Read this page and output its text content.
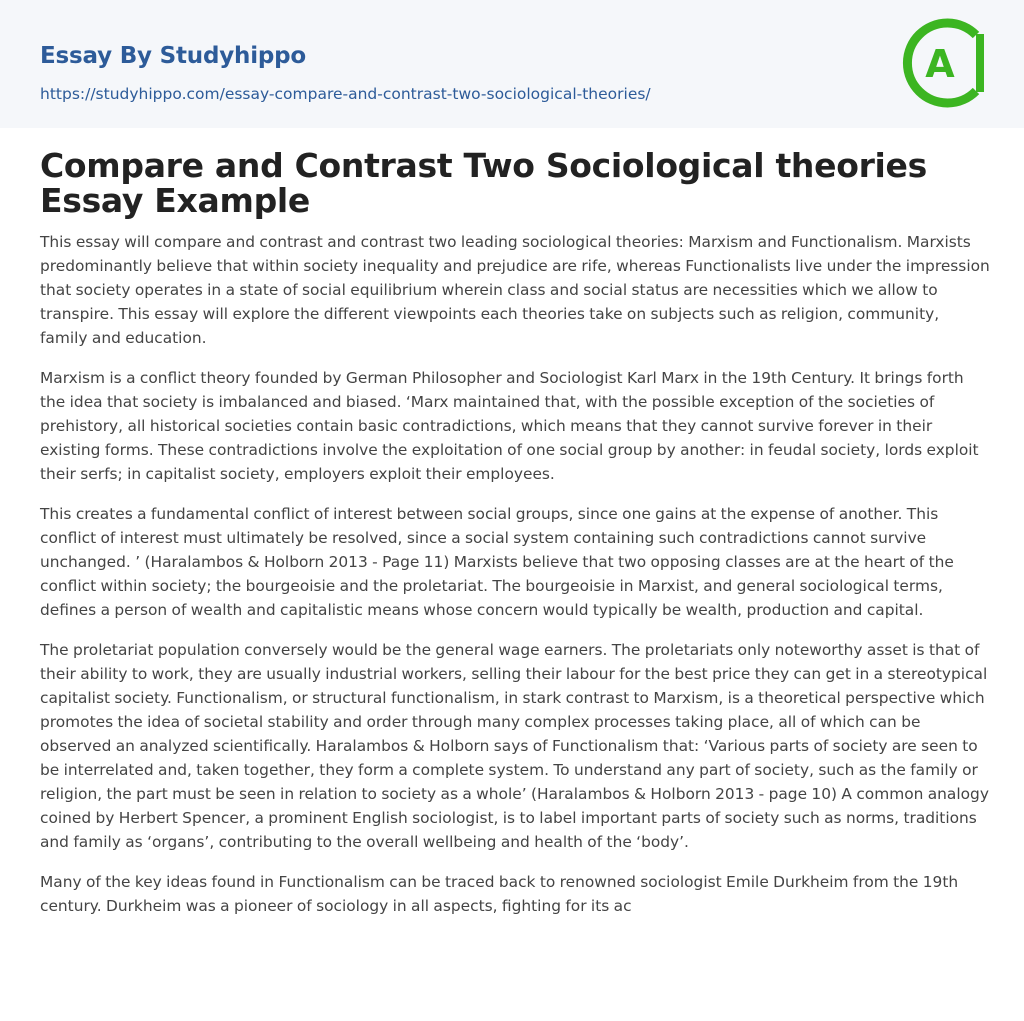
Essay By Studyhippo
https://studyhippo.com/essay-compare-and-contrast-two-sociological-theories/
A
Compare and Contrast Two Sociological theories Essay Example

This essay will compare and contrast and contrast two leading sociological theories: Marxism and Functionalism. Marxists predominantly believe that within society inequality and prejudice are rife, whereas Functionalists live under the impression that society operates in a state of social equilibrium wherein class and social status are necessities which we allow to transpire. This essay will explore the different viewpoints each theories take on subjects such as religion, community, family and education.

Marxism is a conflict theory founded by German Philosopher and Sociologist Karl Marx in the 19th Century. It brings forth the idea that society is imbalanced and biased. ‘Marx maintained that, with the possible exception of the societies of prehistory, all historical societies contain basic contradictions, which means that they cannot survive forever in their existing forms. These contradictions involve the exploitation of one social group by another: in feudal society, lords exploit their serfs; in capitalist society, employers exploit their employees.

This creates a fundamental conflict of interest between social groups, since one gains at the expense of another. This conflict of interest must ultimately be resolved, since a social system containing such contradictions cannot survive unchanged. ’ (Haralambos & Holborn 2013 - Page 11) Marxists believe that two opposing classes are at the heart of the conflict within society; the bourgeoisie and the proletariat. The bourgeoisie in Marxist, and general sociological terms, defines a person of wealth and capitalistic means whose concern would typically be wealth, production and capital.

The proletariat population conversely would be the general wage earners. The proletariats only noteworthy asset is that of their ability to work, they are usually industrial workers, selling their labour for the best price they can get in a stereotypical capitalist society. Functionalism, or structural functionalism, in stark contrast to Marxism, is a theoretical perspective which promotes the idea of societal stability and order through many complex processes taking place, all of which can be observed an analyzed scientifically. Haralambos & Holborn says of Functionalism that: ‘Various parts of society are seen to be interrelated and, taken together, they form a complete system. To understand any part of society, such as the family or religion, the part must be seen in relation to society as a whole’ (Haralambos & Holborn 2013 - page 10) A common analogy coined by Herbert Spencer, a prominent English sociologist, is to label important parts of society such as norms, traditions and family as ‘organs’, contributing to the overall wellbeing and health of the ‘body’.

Many of the key ideas found in Functionalism can be traced back to renowned sociologist Emile Durkheim from the 19th century. Durkheim was a pioneer of sociology in all aspects, fighting for its ac
